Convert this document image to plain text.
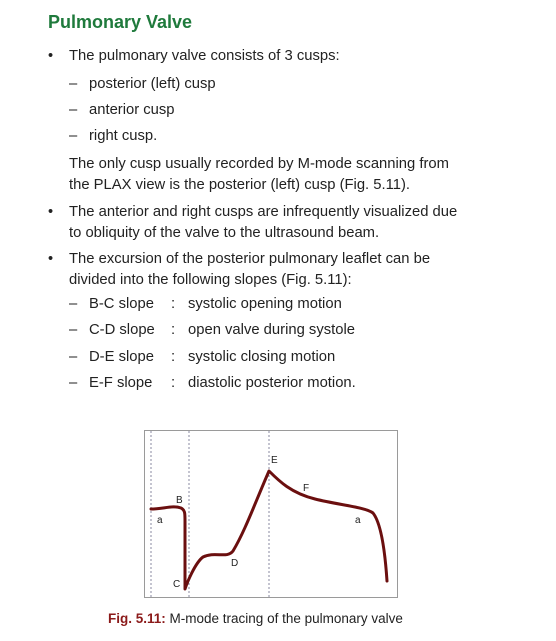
Pulmonary Valve
• The pulmonary valve consists of 3 cusps:
– posterior (left) cusp
– anterior cusp
– right cusp.
The only cusp usually recorded by M-mode scanning from
the PLAX view is the posterior (left) cusp (Fig. 5.11).
• The anterior and right cusps are infrequently visualized due
to obliquity of the valve to the ultrasound beam.
• The excursion of the posterior pulmonary leaflet can be
divided into the following slopes (Fig. 5.11):
– B-C slope : systolic opening motion
– C-D slope : open valve during systole
– D-E slope : systolic closing motion
– E-F slope : diastolic posterior motion.
a
B
C
D
E
F
a
Fig. 5.11: M-mode tracing of the pulmonary valve
